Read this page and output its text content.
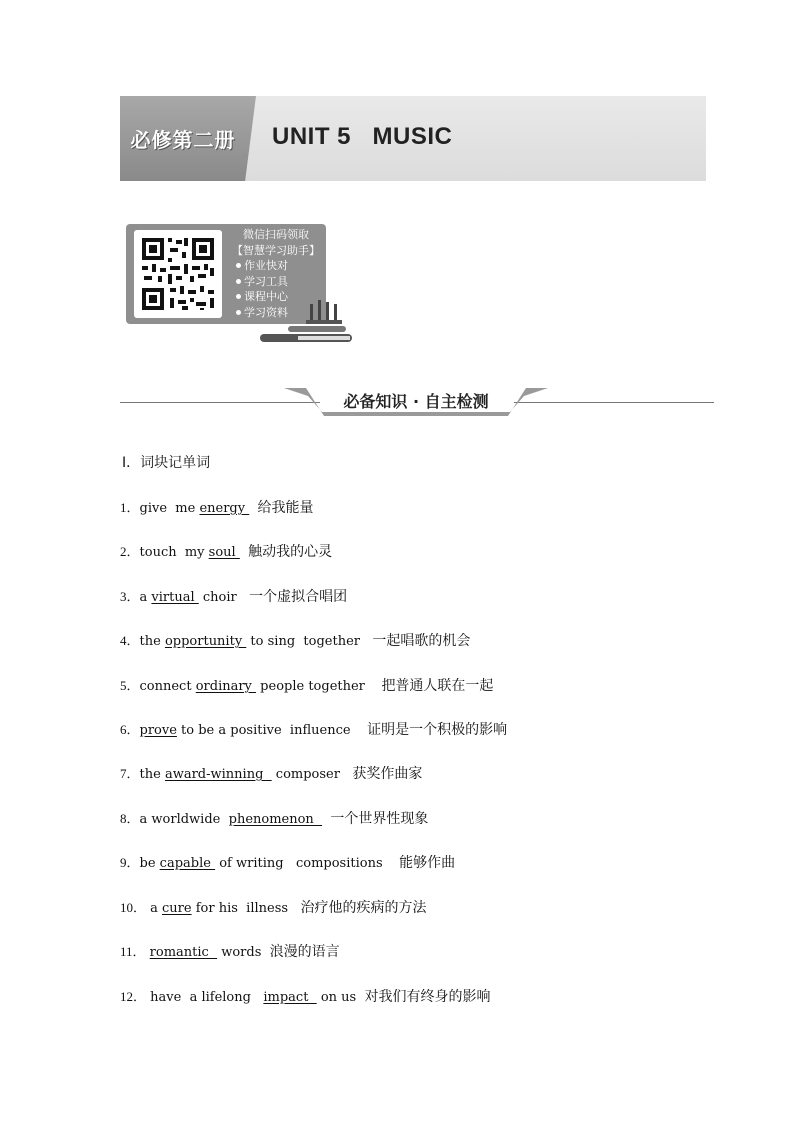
必修第二册	UNIT 5   MUSIC
微信扫码领取
【智慧学习助手】
作业快对
学习工具
课程中心
学习资料
必备知识 · 自主检测
Ⅰ．词块记单词
1．give  me energy   给我能量
2．touch  my soul   触动我的心灵
3．a virtual  choir   一个虚拟合唱团
4．the opportunity  to sing  together   一起唱歌的机会
5．connect ordinary  people together    把普通人联在一起
6．prove to be a positive  influence    证明是一个积极的影响
7．the award-winning   composer   获奖作曲家
8．a worldwide  phenomenon    一个世界性现象
9．be capable  of writing   compositions    能够作曲
10． a cure for his  illness   治疗他的疾病的方法
11． romantic   words  浪漫的语言
12． have  a lifelong   impact   on us  对我们有终身的影响
